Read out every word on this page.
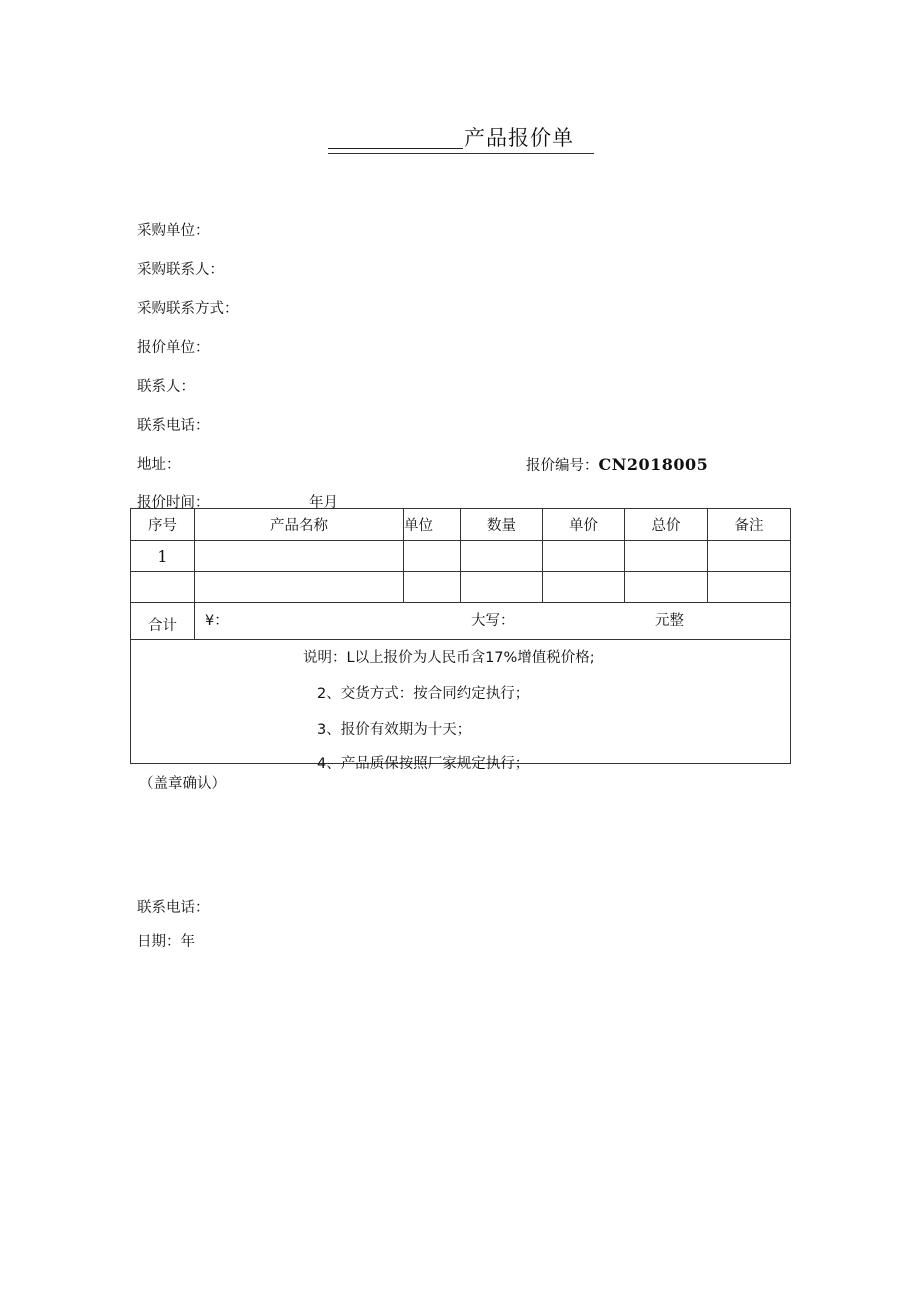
产品报价单
采购单位：
采购联系人：
采购联系方式：
报价单位：
联系人：
联系电话：
地址：	报价编号：CN2018005
报价时间：	年月
序号	产品名称	单位	数量	单价	总价	备注
1						

合计	¥： 大写： 元整					

说明：L以上报价为人民币含17%增值税价格;
2、交货方式：按合同约定执行；
3、报价有效期为十天；
4、产品质保按照厂家规定执行；						
（盖章确认）
联系电话：
日期：年
